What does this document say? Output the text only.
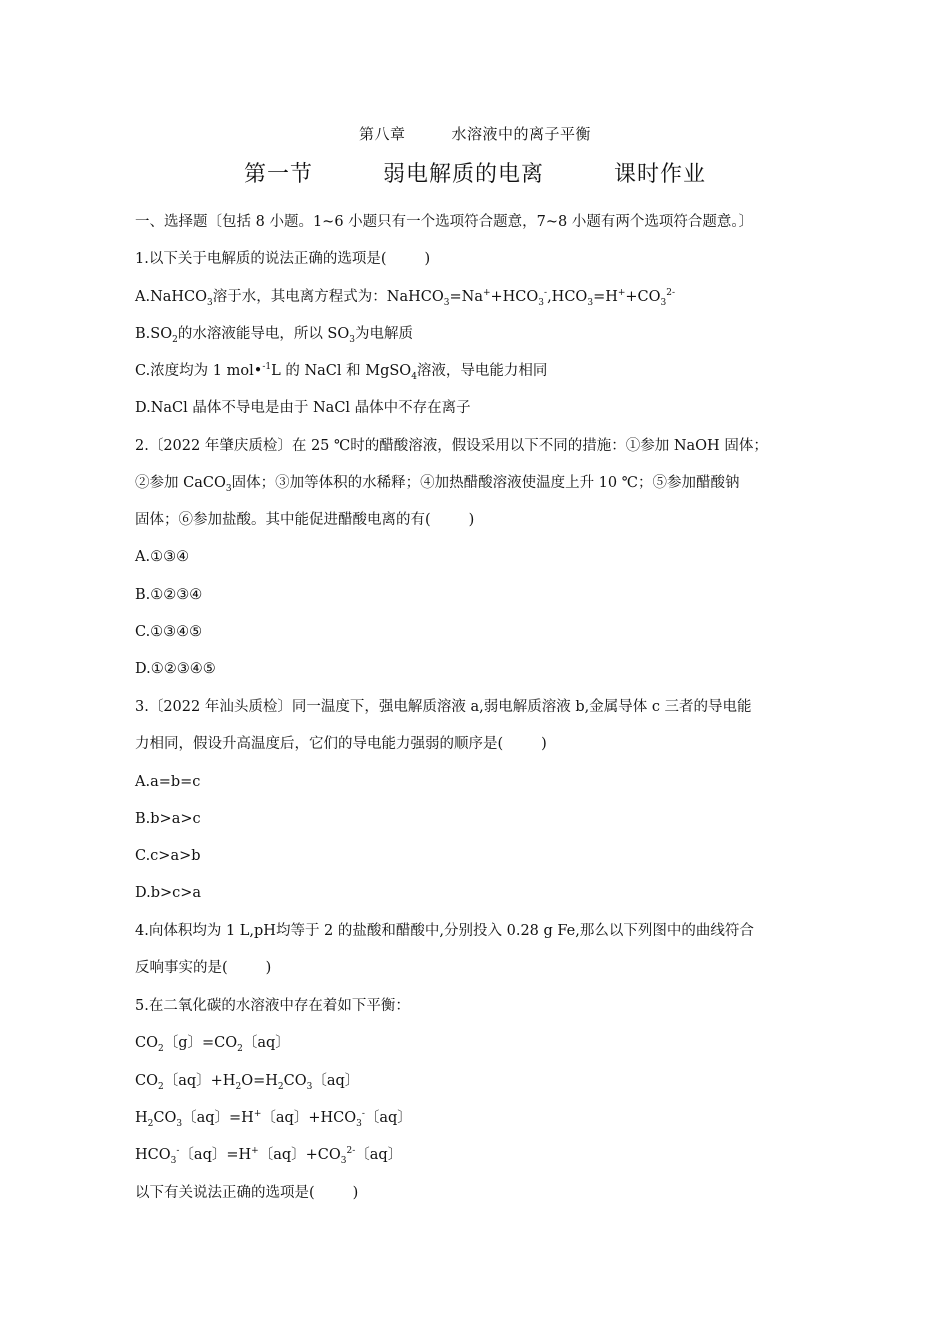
第八章	水溶液中的离子平衡
第一节	弱电解质的电离	课时作业
一、选择题〔包括 8 小题。1~6 小题只有一个选项符合题意，7~8 小题有两个选项符合题意。〕
1.以下关于电解质的说法正确的选项是(	)
A.NaHCO$_3$溶于水，其电离方程式为：$NaHCO_3=Na^++HCO_3^-,HCO_3=H^++CO_3^{2-}$
$B.SO_2$的水溶液能导电，所以 $SO_3$为电解质
C.浓度均为 1 mol•$^{-1}$L 的 NaCl 和 MgSO$_4$溶液，导电能力相同
D.NaCl 晶体不导电是由于 NaCl 晶体中不存在离子
2.〔2022 年肇庆质检〕在 25 ℃时的醋酸溶液，假设采用以下不同的措施：①参加 NaOH 固体；
②参加 CaCO$_3$固体；③加等体积的水稀释；④加热醋酸溶液使温度上升 10 ℃；⑤参加醋酸钠
固体；⑥参加盐酸。其中能促进醋酸电离的有(	)
A.①③④
B.①②③④
C.①③④⑤
D.①②③④⑤
3.〔2022 年汕头质检〕同一温度下，强电解质溶液 a,弱电解质溶液 b,金属导体 c 三者的导电能
力相同，假设升高温度后，它们的导电能力强弱的顺序是(	)
A.a=b=c
B.b>a>c
C.c>a>b
D.b>c>a
4.向体积均为 1 L,pH均等于 2 的盐酸和醋酸中,分别投入 0.28 g Fe,那么以下列图中的曲线符合
反响事实的是(	)
5.在二氧化碳的水溶液中存在着如下平衡：
$CO_2$〔g〕$=CO_2$〔aq〕
$CO_2$〔aq〕$+H_2O=H_2CO_3$〔aq〕
$H_2CO_3$〔aq〕=H+〔aq〕$+HCO_3^-$〔aq〕
$HCO_3^-$〔aq〕=H+〔aq〕$+CO_3^{2-}$〔aq〕
以下有关说法正确的选项是(	)
